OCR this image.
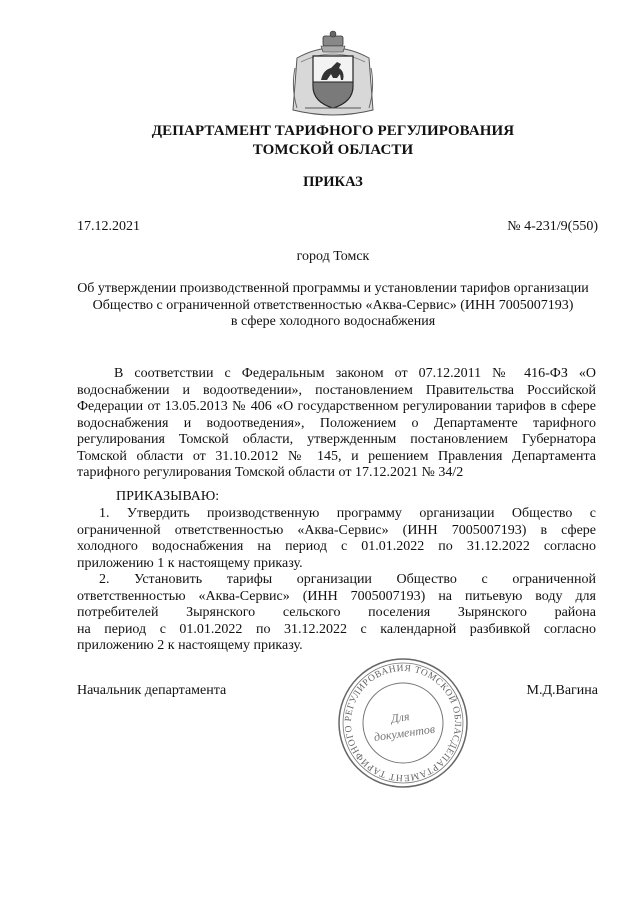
ДЕПАРТАМЕНТ ТАРИФНОГО РЕГУЛИРОВАНИЯ
ТОМСКОЙ ОБЛАСТИ
ПРИКАЗ
17.12.2021	№ 4-231/9(550)
город Томск
Об утверждении производственной программы и установлении тарифов организации
Общество с ограниченной ответственностью «Аква-Сервис» (ИНН 7005007193)
в сфере холодного водоснабжения
В соответствии с Федеральным законом от 07.12.2011 № 416-ФЗ «О
водоснабжении и водоотведении», постановлением Правительства Российской
Федерации от 13.05.2013 № 406 «О государственном регулировании тарифов в сфере
водоснабжения и водоотведения», Положением о Департаменте тарифного
регулирования Томской области, утвержденным постановлением Губернатора
Томской области от 31.10.2012 № 145, и решением Правления Департамента
тарифного регулирования Томской области от 17.12.2021 № 34/2
ПРИКАЗЫВАЮ:
1. Утвердить производственную программу организации Общество с
ограниченной ответственностью «Аква-Сервис» (ИНН 7005007193) в сфере
холодного водоснабжения на период с 01.01.2022 по 31.12.2022 согласно
приложению 1 к настоящему приказу.
2. Установить тарифы организации Общество с ограниченной
ответственностью «Аква-Сервис» (ИНН 7005007193) на питьевую воду для
потребителей Зырянского сельского поселения Зырянского района
на период с 01.01.2022 по 31.12.2022 с календарной разбивкой согласно
приложению 2 к настоящему приказу.
Начальник департамента	М.Д.Вагина
ДЕПАРТАМЕНТ ТАРИФНОГО РЕГУЛИРОВАНИЯ ТОМСКОЙ ОБЛАСТИ
Для
документов
